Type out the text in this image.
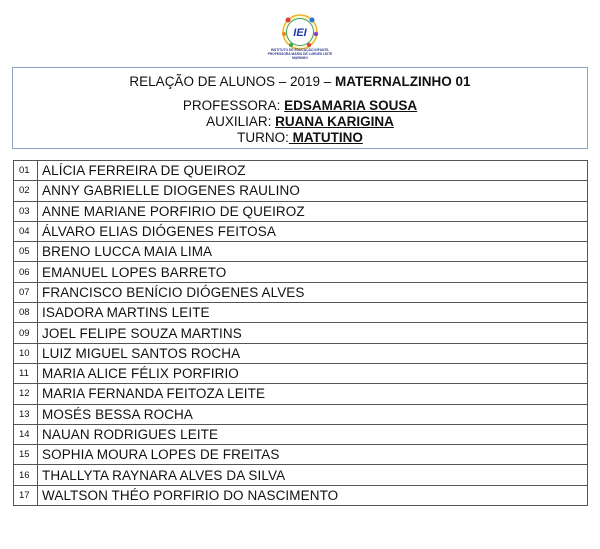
IEI
INSTITUTO DE EDUCAÇÃO INFANTIL PROFESSORA MARIA DE LURDES LEITE MARINHO
RELAÇÃO DE ALUNOS – 2019 – MATERNALZINHO 01
PROFESSORA: EDSAMARIA SOUSA
AUXILIAR: RUANA KARIGINA
TURNO: MATUTINO
01	ALÍCIA FERREIRA DE QUEIROZ
02	ANNY GABRIELLE DIOGENES RAULINO
03	ANNE MARIANE PORFIRIO DE QUEIROZ
04	ÁLVARO ELIAS DIÓGENES FEITOSA
05	BRENO LUCCA MAIA LIMA
06	EMANUEL LOPES BARRETO
07	FRANCISCO BENÍCIO DIÓGENES ALVES
08	ISADORA MARTINS LEITE
09	JOEL FELIPE SOUZA MARTINS
10	LUIZ MIGUEL SANTOS ROCHA
11	MARIA ALICE FÉLIX PORFIRIO
12	MARIA FERNANDA FEITOZA LEITE
13	MOSÉS BESSA ROCHA
14	NAUAN RODRIGUES LEITE
15	SOPHIA MOURA LOPES DE FREITAS
16	THALLYTA RAYNARA ALVES DA SILVA
17	WALTSON THÉO PORFIRIO DO NASCIMENTO
